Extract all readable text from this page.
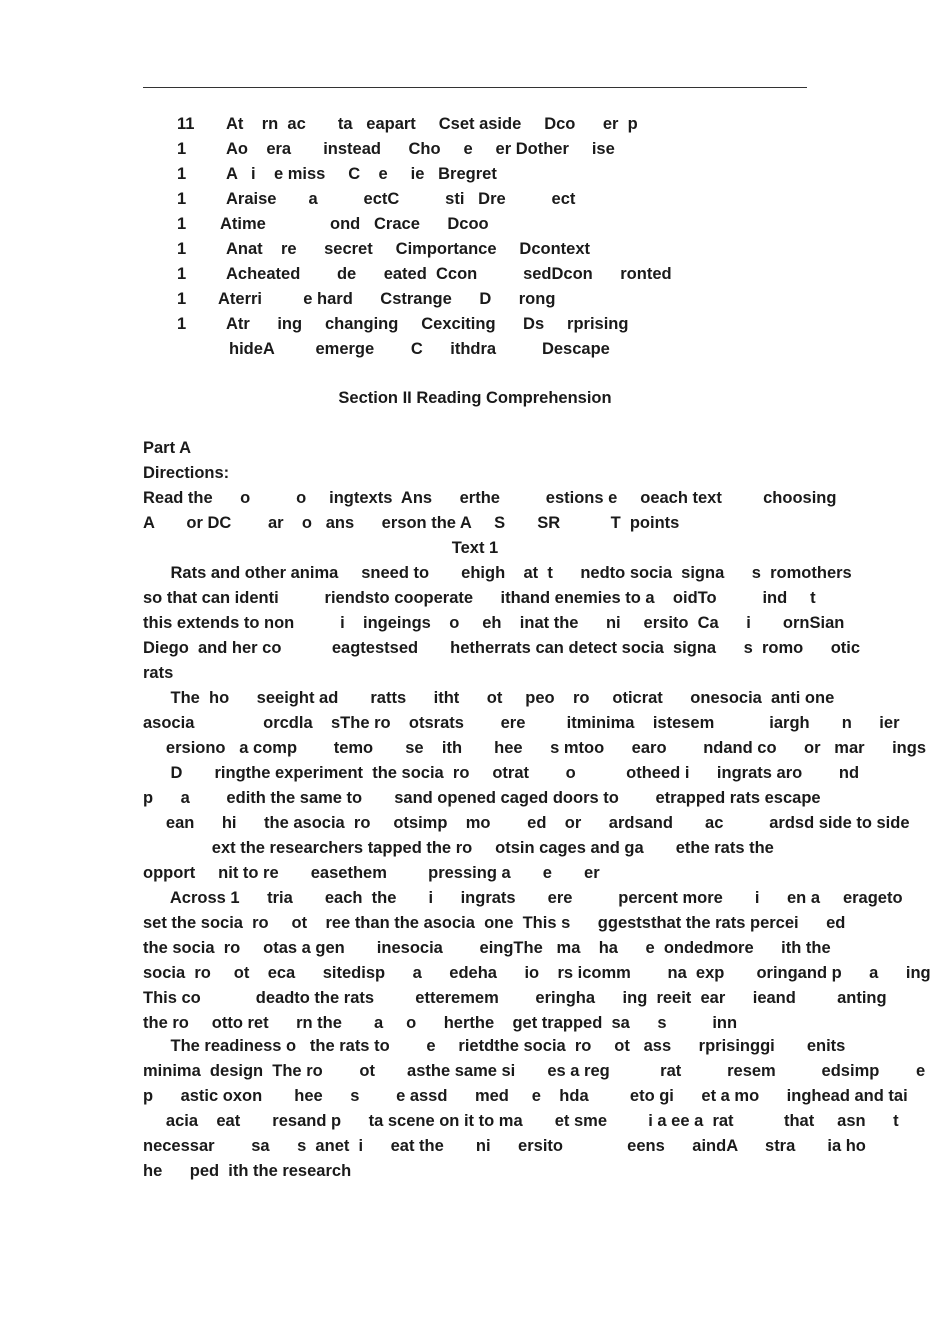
11 At    rn  ac       ta   eapart     Cset aside     Dco      er  p
1 Ao    era       instead      Cho     e     er Dother     ise
1 A   i    e miss     C    e     ie   Bregret
1 Araise       a          ectC          sti   Dre          ect
1 Atime              ond   Crace      Dcoo
1 Anat    re      secret     Cimportance     Dcontext
1 Acheated        de      eated  Ccon          sedDcon      ronted
1 Aterri         e hard      Cstrange      D      rong
1 Atr      ing     changing     Cexciting      Ds     rprising
hideA         emerge        C      ithdra          Descape
Section II Reading Comprehension
Part A
Directions:
Read the      o          o     ingtexts  Ans      erthe          estions e     oeach text         choosing
A       or DC        ar    o   ans      erson the A     S       SR           T  points
Text 1
Rats and other anima     sneed to       ehigh    at  t      nedto socia  signa      s  romothers
so that can identi          riendsto cooperate      ithand enemies to a    oidTo          ind     t
this extends to non          i    ingeings    o     eh    inat the      ni     ersito  Ca      i       ornSian
Diego  and her co           eagtestsed       hetherrats can detect socia  signa      s  romo      otic
rats
The  ho      seeight ad       ratts      itht      ot     peo    ro     oticrat      onesocia  anti one
asocia               orcdla    sThe ro    otsrats        ere         itminima    istesem            iargh       n      ier
ersiono   a comp        temo       se    ith       hee      s mtoo      earo        ndand co      or   mar      ings
D       ringthe experiment  the socia  ro     otrat        o           otheed i      ingrats aro        nd
p      a        edith the same to       sand opened caged doors to        etrapped rats escape
ean      hi      the asocia  ro     otsimp    mo        ed    or      ardsand       ac          ardsd side to side
ext the researchers tapped the ro     otsin cages and ga       ethe rats the
opport     nit to re       easethem         pressing a       e       er
Across 1      tria       each  the       i      ingrats       ere          percent more       i      en a     erageto
set the socia  ro     ot    ree than the asocia  one  This s      ggeststhat the rats percei      ed
the socia  ro     otas a gen       inesocia        eingThe   ma    ha      e  ondedmore      ith the
socia  ro     ot    eca      sitedisp      a      edeha      io    rs icomm        na  exp       oringand p      a      ing
This co            deadto the rats         etteremem        eringha      ing  reeit  ear      ieand         anting
the ro     otto ret      rn the       a     o      herthe    get trapped  sa      s          inn
The readiness o   the rats to        e     rietdthe socia  ro     ot   ass      rprisinggi       enits
minima  design  The ro        ot       asthe same si       es a reg           rat          resem          edsimp        e
p      astic oxon       hee      s        e assd      med     e    hda         eto gi      et a mo      inghead and tai
acia    eat       resand p      ta scene on it to ma       et sme         i a ee a  rat           that     asn      t
necessar        sa      s  anet  i      eat the       ni      ersito              eens      aindA      stra       ia ho
he      ped  ith the research
